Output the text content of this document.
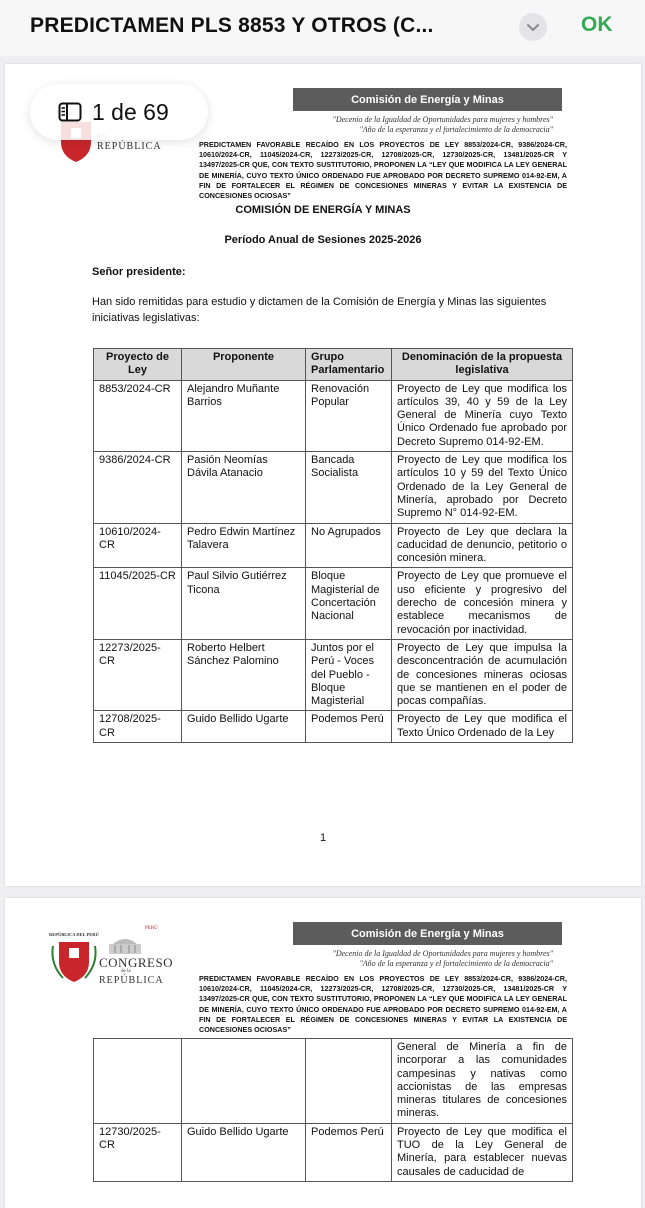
PREDICTAMEN PLS 8853 Y OTROS (C...	OK
1 de 69	Comisión de Energía y Minas
"Decenio de la Igualdad de Oportunidades para mujeres y hombres"
"Año de la esperanza y el fortalecimiento de la democracia"
REPÚBLICA	PREDICTAMEN FAVORABLE RECAÍDO EN LOS PROYECTOS DE LEY 8853/2024-CR, 9386/2024-CR, 10610/2024-CR, 11045/2024-CR, 12273/2025-CR, 12708/2025-CR, 12730/2025-CR, 13481/2025-CR Y 13497/2025-CR QUE, CON TEXTO SUSTITUTORIO, PROPONEN LA “LEY QUE MODIFICA LA LEY GENERAL DE MINERÍA, CUYO TEXTO ÚNICO ORDENADO FUE APROBADO POR DECRETO SUPREMO 014-92-EM, A FIN DE FORTALECER EL RÉGIMEN DE CONCESIONES MINERAS Y EVITAR LA EXISTENCIA DE CONCESIONES OCIOSAS”
COMISIÓN DE ENERGÍA Y MINAS
Período Anual de Sesiones 2025-2026
Señor presidente:
Han sido remitidas para estudio y dictamen de la Comisión de Energía y Minas las siguientes iniciativas legislativas:
Proyecto de Ley	Proponente	Grupo Parlamentario	Denominación de la propuesta legislativa
8853/2024-CR	Alejandro Muñante Barrios	Renovación Popular	Proyecto de Ley que modifica los artículos 39, 40 y 59 de la Ley General de Minería cuyo Texto Único Ordenado fue aprobado por Decreto Supremo 014-92-EM.
9386/2024-CR	Pasión Neomías Dávila Atanacio	Bancada Socialista	Proyecto de Ley que modifica los artículos 10 y 59 del Texto Único Ordenado de la Ley General de Minería, aprobado por Decreto Supremo N° 014-92-EM.
10610/2024-CR	Pedro Edwin Martínez Talavera	No Agrupados	Proyecto de Ley que declara la caducidad de denuncio, petitorio o concesión minera.
11045/2025-CR	Paul Silvio Gutiérrez Ticona	Bloque Magisterial de Concertación Nacional	Proyecto de Ley que promueve el uso eficiente y progresivo del derecho de concesión minera y establece mecanismos de revocación por inactividad.
12273/2025-CR	Roberto Helbert Sánchez Palomino	Juntos por el Perú - Voces del Pueblo - Bloque Magisterial	Proyecto de Ley que impulsa la desconcentración de acumulación de concesiones mineras ociosas que se mantienen en el poder de pocas compañías.
12708/2025-CR	Guido Bellido Ugarte	Podemos Perú	Proyecto de Ley que modifica el Texto Único Ordenado de la Ley
1
Comisión de Energía y Minas
"Decenio de la Igualdad de Oportunidades para mujeres y hombres"
"Año de la esperanza y el fortalecimiento de la democracia"
REPÚBLICA DEL PERÚ
PERÚ
CONGRESO
de la
REPÚBLICA	PREDICTAMEN FAVORABLE RECAÍDO EN LOS PROYECTOS DE LEY 8853/2024-CR, 9386/2024-CR, 10610/2024-CR, 11045/2024-CR, 12273/2025-CR, 12708/2025-CR, 12730/2025-CR, 13481/2025-CR Y 13497/2025-CR QUE, CON TEXTO SUSTITUTORIO, PROPONEN LA “LEY QUE MODIFICA LA LEY GENERAL DE MINERÍA, CUYO TEXTO ÚNICO ORDENADO FUE APROBADO POR DECRETO SUPREMO 014-92-EM, A FIN DE FORTALECER EL RÉGIMEN DE CONCESIONES MINERAS Y EVITAR LA EXISTENCIA DE CONCESIONES OCIOSAS”
			General de Minería a fin de incorporar a las comunidades campesinas y nativas como accionistas de las empresas mineras titulares de concesiones mineras.
12730/2025-CR	Guido Bellido Ugarte	Podemos Perú	Proyecto de Ley que modifica el TUO de la Ley General de Minería, para establecer nuevas causales de caducidad de
